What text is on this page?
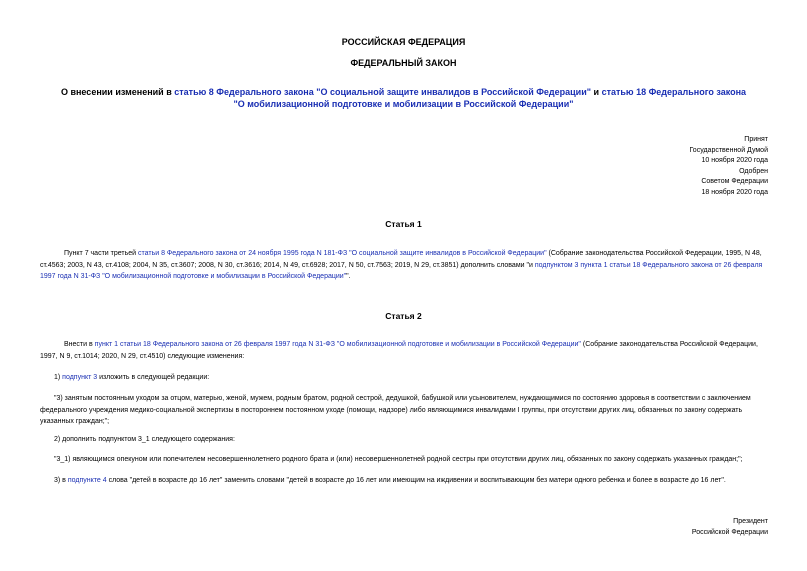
РОССИЙСКАЯ ФЕДЕРАЦИЯ
ФЕДЕРАЛЬНЫЙ ЗАКОН
О внесении изменений в статью 8 Федерального закона "О социальной защите инвалидов в Российской Федерации" и статью 18 Федерального закона "О мобилизационной подготовке и мобилизации в Российской Федерации"
Принят
Государственной Думой
10 ноября 2020 года
Одобрен
Советом Федерации
18 ноября 2020 года
Статья 1
Пункт 7 части третьей статьи 8 Федерального закона от 24 ноября 1995 года N 181-ФЗ "О социальной защите инвалидов в Российской Федерации" (Собрание законодательства Российской Федерации, 1995, N 48, ст.4563; 2003, N 43, ст.4108; 2004, N 35, ст.3607; 2008, N 30, ст.3616; 2014, N 49, ст.6928; 2017, N 50, ст.7563; 2019, N 29, ст.3851) дополнить словами "и подпунктом 3 пункта 1 статьи 18 Федерального закона от 26 февраля 1997 года N 31-ФЗ "О мобилизационной подготовке и мобилизации в Российской Федерации"".
Статья 2
Внести в пункт 1 статьи 18 Федерального закона от 26 февраля 1997 года N 31-ФЗ "О мобилизационной подготовке и мобилизации в Российской Федерации" (Собрание законодательства Российской Федерации, 1997, N 9, ст.1014; 2020, N 29, ст.4510) следующие изменения:
1) подпункт 3 изложить в следующей редакции:
"3) занятым постоянным уходом за отцом, матерью, женой, мужем, родным братом, родной сестрой, дедушкой, бабушкой или усыновителем, нуждающимися по состоянию здоровья в соответствии с заключением федерального учреждения медико-социальной экспертизы в постороннем постоянном уходе (помощи, надзоре) либо являющимися инвалидами I группы, при отсутствии других лиц, обязанных по закону содержать указанных граждан;";
2) дополнить подпунктом 3_1 следующего содержания:
"3_1) являющимся опекуном или попечителем несовершеннолетнего родного брата и (или) несовершеннолетней родной сестры при отсутствии других лиц, обязанных по закону содержать указанных граждан;";
3) в подпункте 4 слова "детей в возрасте до 16 лет" заменить словами "детей в возрасте до 16 лет или имеющим на иждивении и воспитывающим без матери одного ребенка и более в возрасте до 16 лет".
Президент
Российской Федерации
